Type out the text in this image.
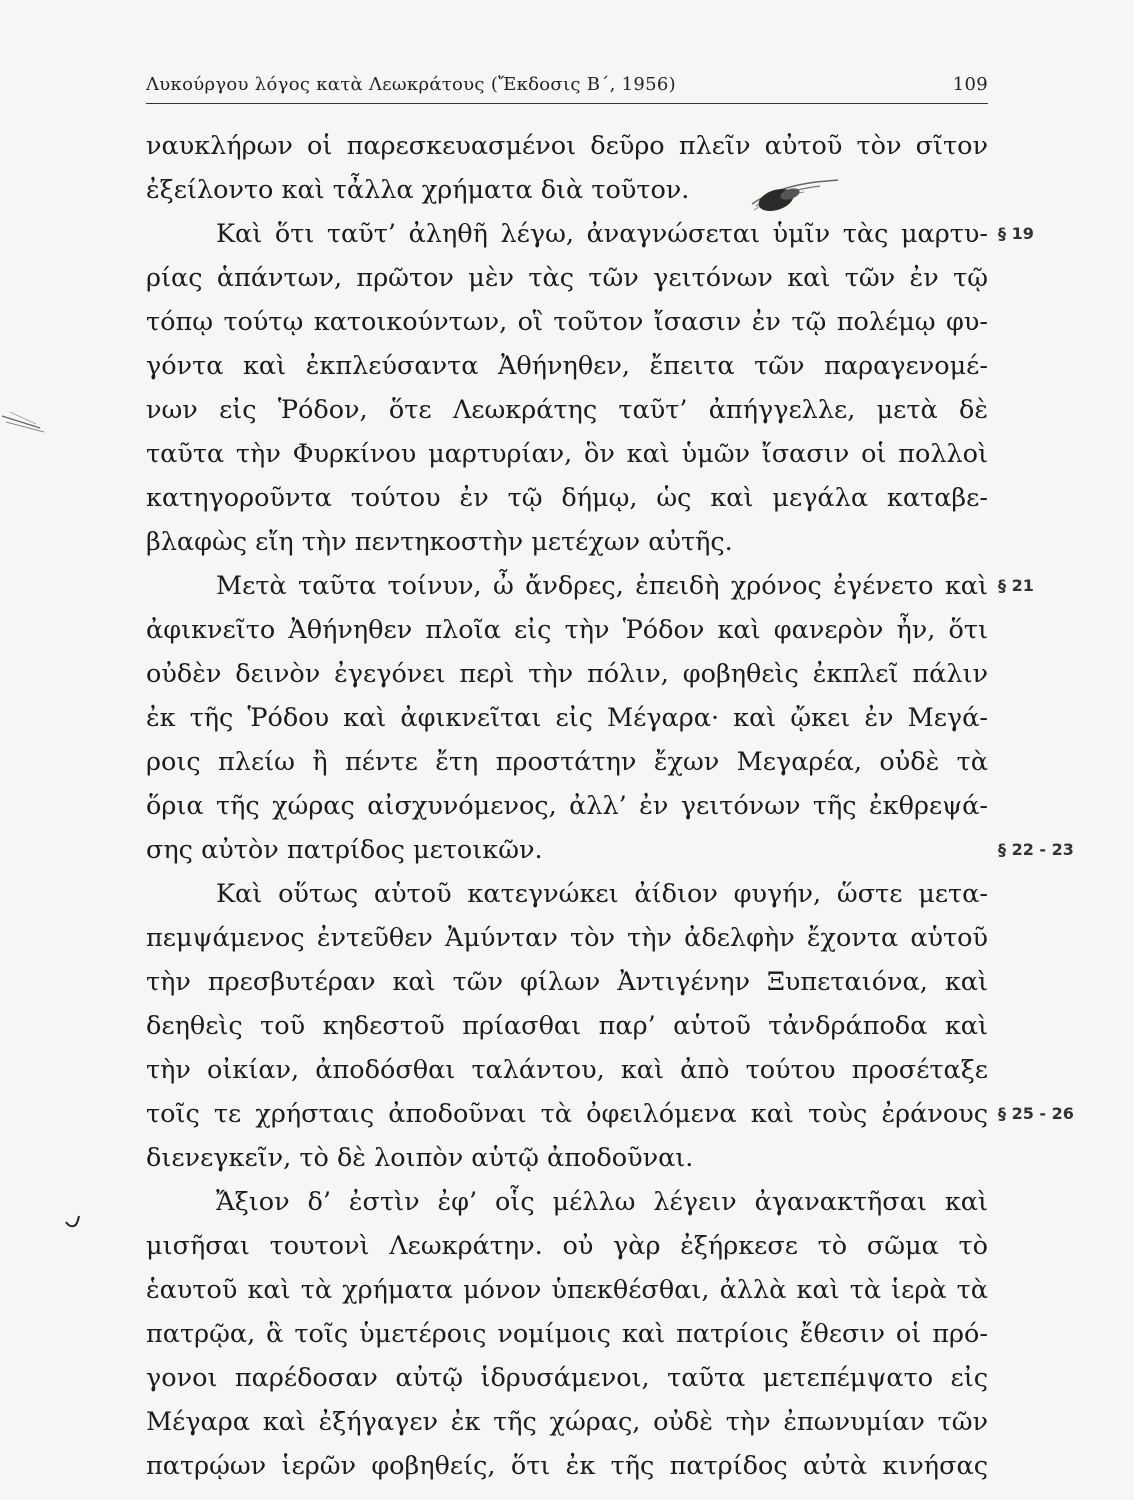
Λυκούργου λόγος κατὰ Λεωκράτους (Ἔκδοσις Β΄, 1956)	109
ναυκλήρων οἱ παρεσκευασμένοι δεῦρο πλεῖν αὐτοῦ τὸν σῖτον
ἐξείλοντο καὶ τἆλλα χρήματα διὰ τοῦτον.
Καὶ ὅτι ταῦτ’ ἀληθῆ λέγω, ἀναγνώσεται ὑμῖν τὰς μαρτυ-
ρίας ἁπάντων, πρῶτον μὲν τὰς τῶν γειτόνων καὶ τῶν ἐν τῷ
τόπῳ τούτῳ κατοικούντων, οἳ τοῦτον ἴσασιν ἐν τῷ πολέμῳ φυ-
γόντα καὶ ἐκπλεύσαντα Ἀθήνηθεν, ἔπειτα τῶν παραγενομέ-
νων εἰς Ῥόδον, ὅτε Λεωκράτης ταῦτ’ ἀπήγγελλε, μετὰ δὲ
ταῦτα τὴν Φυρκίνου μαρτυρίαν, ὃν καὶ ὑμῶν ἴσασιν οἱ πολλοὶ
κατηγοροῦντα τούτου ἐν τῷ δήμῳ, ὡς καὶ μεγάλα καταβε-
βλαφὼς εἴη τὴν πεντηκοστὴν μετέχων αὐτῆς.
Μετὰ ταῦτα τοίνυν, ὦ ἄνδρες, ἐπειδὴ χρόνος ἐγένετο καὶ
ἀφικνεῖτο Ἀθήνηθεν πλοῖα εἰς τὴν Ῥόδον καὶ φανερὸν ἦν, ὅτι
οὐδὲν δεινὸν ἐγεγόνει περὶ τὴν πόλιν, φοβηθεὶς ἐκπλεῖ πάλιν
ἐκ τῆς Ῥόδου καὶ ἀφικνεῖται εἰς Μέγαρα· καὶ ᾤκει ἐν Μεγά-
ροις πλείω ἢ πέντε ἔτη προστάτην ἔχων Μεγαρέα, οὐδὲ τὰ
ὅρια τῆς χώρας αἰσχυνόμενος, ἀλλ’ ἐν γειτόνων τῆς ἐκθρεψά-
σης αὐτὸν πατρίδος μετοικῶν.
Καὶ οὕτως αὑτοῦ κατεγνώκει ἀίδιον φυγήν, ὥστε μετα-
πεμψάμενος ἐντεῦθεν Ἀμύνταν τὸν τὴν ἀδελφὴν ἔχοντα αὑτοῦ
τὴν πρεσβυτέραν καὶ τῶν φίλων Ἀντιγένην Ξυπεταιόνα, καὶ
δεηθεὶς τοῦ κηδεστοῦ πρίασθαι παρ’ αὑτοῦ τἀνδράποδα καὶ
τὴν οἰκίαν, ἀποδόσθαι ταλάντου, καὶ ἀπὸ τούτου προσέταξε
τοῖς τε χρήσταις ἀποδοῦναι τὰ ὀφειλόμενα καὶ τοὺς ἐράνους
διενεγκεῖν, τὸ δὲ λοιπὸν αὑτῷ ἀποδοῦναι.
Ἄξιον δ’ ἐστὶν ἐφ’ οἷς μέλλω λέγειν ἀγανακτῆσαι καὶ
μισῆσαι τουτονὶ Λεωκράτην. οὐ γὰρ ἐξήρκεσε τὸ σῶμα τὸ
ἑαυτοῦ καὶ τὰ χρήματα μόνον ὑπεκθέσθαι, ἀλλὰ καὶ τὰ ἱερὰ τὰ
πατρῷα, ἃ τοῖς ὑμετέροις νομίμοις καὶ πατρίοις ἔθεσιν οἱ πρό-
γονοι παρέδοσαν αὐτῷ ἱδρυσάμενοι, ταῦτα μετεπέμψατο εἰς
Μέγαρα καὶ ἐξήγαγεν ἐκ τῆς χώρας, οὐδὲ τὴν ἐπωνυμίαν τῶν
πατρῴων ἱερῶν φοβηθείς, ὅτι ἐκ τῆς πατρίδος αὐτὰ κινήσας
§ 19
§ 21
§ 22 - 23
§ 25 - 26
